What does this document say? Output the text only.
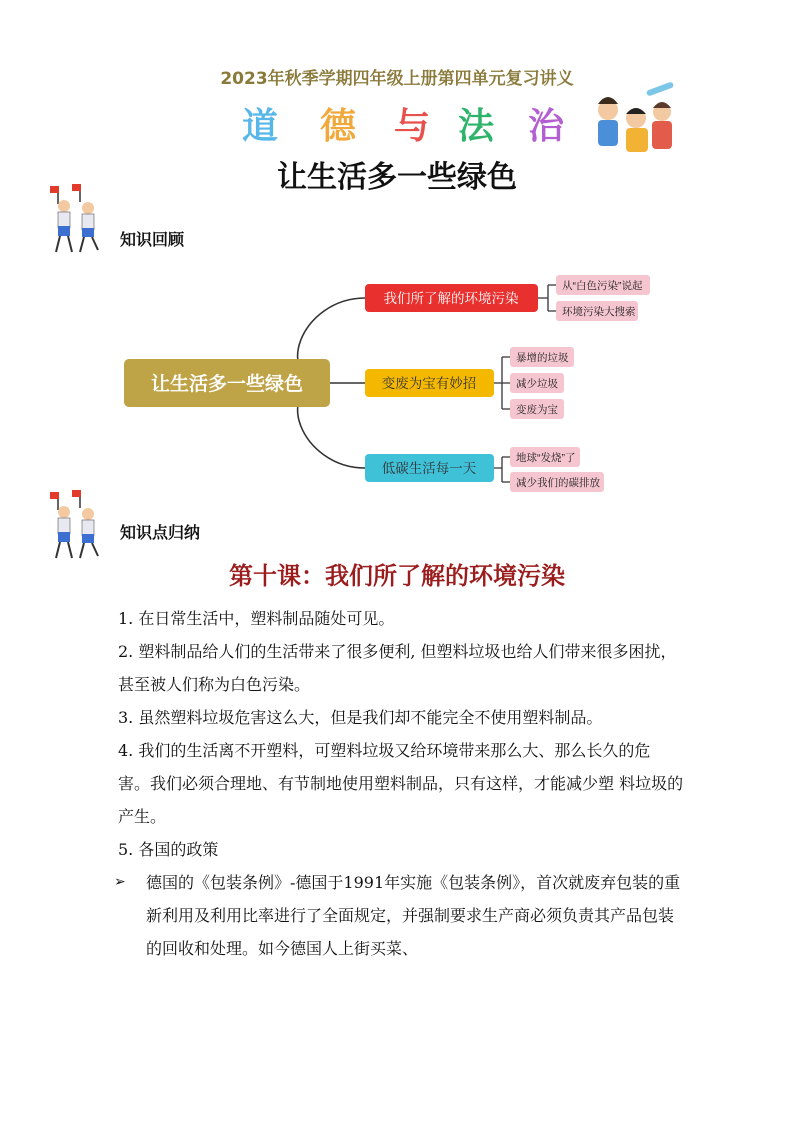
2023年秋季学期四年级上册第四单元复习讲义
道 德 与 法 治
让生活多一些绿色
知识回顾
让生活多一些绿色
我们所了解的环境污染
变废为宝有妙招
低碳生活每一天
从“白色污染”说起
环境污染大搜索
暴增的垃圾
减少垃圾
变废为宝
地球“发烧”了
减少我们的碳排放
知识点归纳
第十课：我们所了解的环境污染

1. 在日常生活中，塑料制品随处可见。

2. 塑料制品给人们的生活带来了很多便利, 但塑料垃圾也给人们带来很多困扰，甚至被人们称为白色污染。

3. 虽然塑料垃圾危害这么大，但是我们却不能完全不使用塑料制品。

4. 我们的生活离不开塑料，可塑料垃圾又给环境带来那么大、那么长久的危 害。我们必须合理地、有节制地使用塑料制品，只有这样，才能减少塑 料垃圾的产生。

5. 各国的政策

➢ 德国的《包装条例》-德国于1991年实施《包装条例》，首次就废弃包装的重新利用及利用比率进行了全面规定，并强制要求生产商必须负责其产品包装的回收和处理。如今德国人上街买菜、
